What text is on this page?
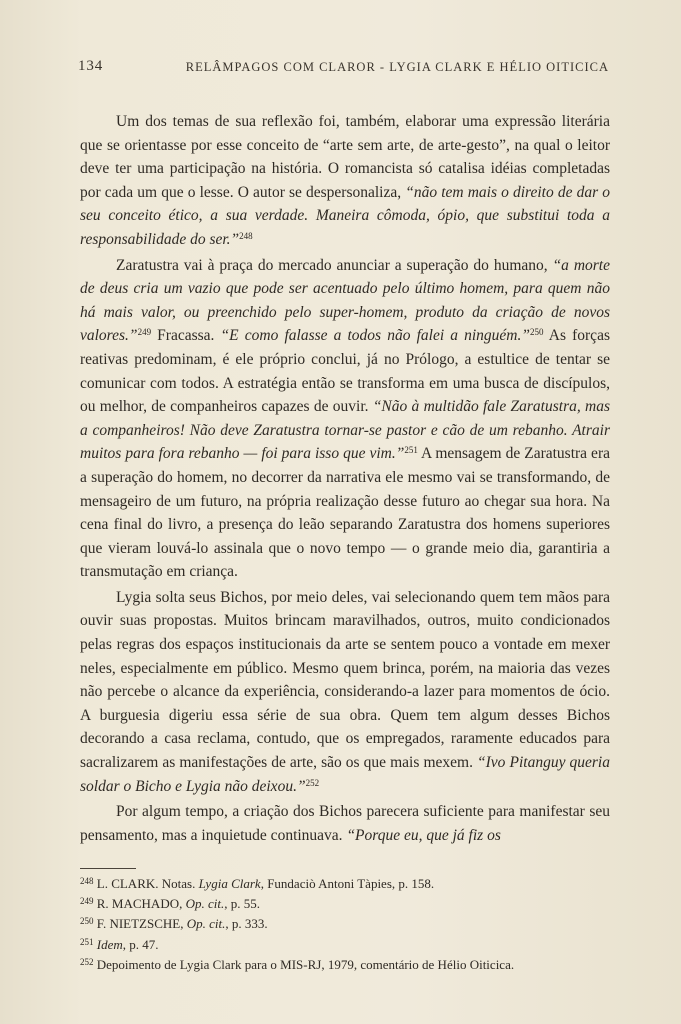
134	RELÂMPAGOS COM CLAROR - LYGIA CLARK E HÉLIO OITICICA

Um dos temas de sua reflexão foi, também, elaborar uma expressão literária que se orientasse por esse conceito de “arte sem arte, de arte-gesto”, na qual o leitor deve ter uma participação na história. O romancista só catalisa idéias completadas por cada um que o lesse. O autor se despersonaliza, “não tem mais o direito de dar o seu conceito ético, a sua verdade. Maneira cômoda, ópio, que substitui toda a responsabilidade do ser.”$^{248}$

Zaratustra vai à praça do mercado anunciar a superação do humano, “a morte de deus cria um vazio que pode ser acentuado pelo último homem, para quem não há mais valor, ou preenchido pelo super-homem, produto da criação de novos valores.”$^{249}$ Fracassa. “E como falasse a todos não falei a ninguém.”$^{250}$ As forças reativas predominam, é ele próprio conclui, já no Prólogo, a estultice de tentar se comunicar com todos. A estratégia então se transforma em uma busca de discípulos, ou melhor, de companheiros capazes de ouvir. “Não à multidão fale Zaratustra, mas a companheiros! Não deve Zaratustra tornar-se pastor e cão de um rebanho. Atrair muitos para fora rebanho — foi para isso que vim.”$^{251}$ A mensagem de Zaratustra era a superação do homem, no decorrer da narrativa ele mesmo vai se transformando, de mensageiro de um futuro, na própria realização desse futuro ao chegar sua hora. Na cena final do livro, a presença do leão separando Zaratustra dos homens superiores que vieram louvá-lo assinala que o novo tempo — o grande meio dia, garantiria a transmutação em criança.

Lygia solta seus Bichos, por meio deles, vai selecionando quem tem mãos para ouvir suas propostas. Muitos brincam maravilhados, outros, muito condicionados pelas regras dos espaços institucionais da arte se sentem pouco a vontade em mexer neles, especialmente em público. Mesmo quem brinca, porém, na maioria das vezes não percebe o alcance da experiência, considerando-a lazer para momentos de ócio. A burguesia digeriu essa série de sua obra. Quem tem algum desses Bichos decorando a casa reclama, contudo, que os empregados, raramente educados para sacralizarem as manifestações de arte, são os que mais mexem. “Ivo Pitanguy queria soldar o Bicho e Lygia não deixou.”$^{252}$

Por algum tempo, a criação dos Bichos parecera suficiente para manifestar seu pensamento, mas a inquietude continuava. “Porque eu, que já fiz os

$^{248}$ L. CLARK. Notas. Lygia Clark, Fundaciò Antoni Tàpies, p. 158.
$^{249}$ R. MACHADO, Op. cit., p. 55.
$^{250}$ F. NIETZSCHE, Op. cit., p. 333.
$^{251}$ Idem, p. 47.
$^{252}$ Depoimento de Lygia Clark para o MIS-RJ, 1979, comentário de Hélio Oiticica.
